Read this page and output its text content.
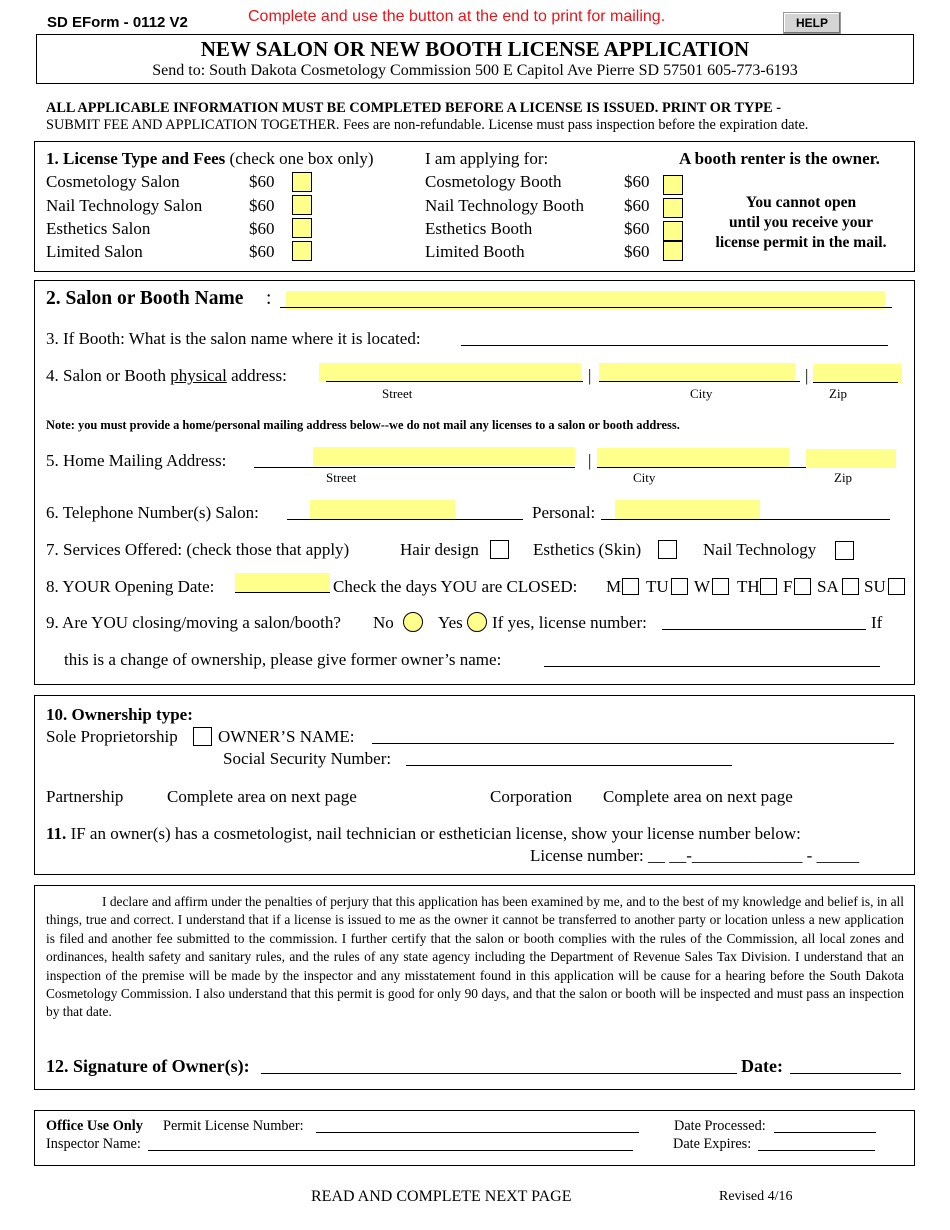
SD EForm - 0112 V2	Complete and use the button at the end to print for mailing.	HELP
NEW SALON OR NEW BOOTH LICENSE APPLICATION
Send to: South Dakota Cosmetology Commission 500 E Capitol Ave Pierre SD 57501 605-773-6193
ALL APPLICABLE INFORMATION MUST BE COMPLETED BEFORE A LICENSE IS ISSUED. PRINT OR TYPE -
SUBMIT FEE AND APPLICATION TOGETHER. Fees are non-refundable. License must pass inspection before the expiration date.
1. License Type and Fees (check one box only)	I am applying for:	A booth renter is the owner.
Cosmetology Salon	$60
Nail Technology Salon	$60
Esthetics Salon	$60
Limited Salon	$60
Cosmetology Booth	$60
Nail Technology Booth $60
Esthetics Booth	$60
Limited Booth	$60
You cannot open
until you receive your
license permit in the mail.
2. Salon or Booth Name :
3. If Booth: What is the salon name where it is located:
4. Salon or Booth physical address:	|	|
Street	City	Zip
Note: you must provide a home/personal mailing address below--we do not mail any licenses to a salon or booth address.
5. Home Mailing Address:	|
Street	City	Zip
6. Telephone Number(s) Salon:	Personal:
7. Services Offered: (check those that apply)	Hair design	Esthetics (Skin)	Nail Technology
8. YOUR Opening Date:	Check the days YOU are CLOSED: M TU W TH F SA SU
9. Are YOU closing/moving a salon/booth? No	Yes If yes, license number:	If
this is a change of ownership, please give former owner’s name:
10. Ownership type:
Sole Proprietorship OWNER’S NAME:
Social Security Number:
Partnership	Complete area on next page	Corporation Complete area on next page
11. IF an owner(s) has a cosmetologist, nail technician or esthetician license, show your license number below:
License number: __ __-_____________ - _____
I declare and affirm under the penalties of perjury that this application has been examined by me, and to the best of my knowledge and belief is, in all things, true and correct. I understand that if a license is issued to me as the owner it cannot be transferred to another party or location unless a new application is filed and another fee submitted to the commission. I further certify that the salon or booth complies with the rules of the Commission, all local zones and ordinances, health safety and sanitary rules, and the rules of any state agency including the Department of Revenue Sales Tax Division. I understand that an inspection of the premise will be made by the inspector and any misstatement found in this application will be cause for a hearing before the South Dakota Cosmetology Commission. I also understand that this permit is good for only 90 days, and that the salon or booth will be inspected and must pass an inspection by that date.
12. Signature of Owner(s):	Date:
Office Use Only Permit License Number:	Date Processed:
Inspector Name:	Date Expires:
READ AND COMPLETE NEXT PAGE	Revised 4/16
